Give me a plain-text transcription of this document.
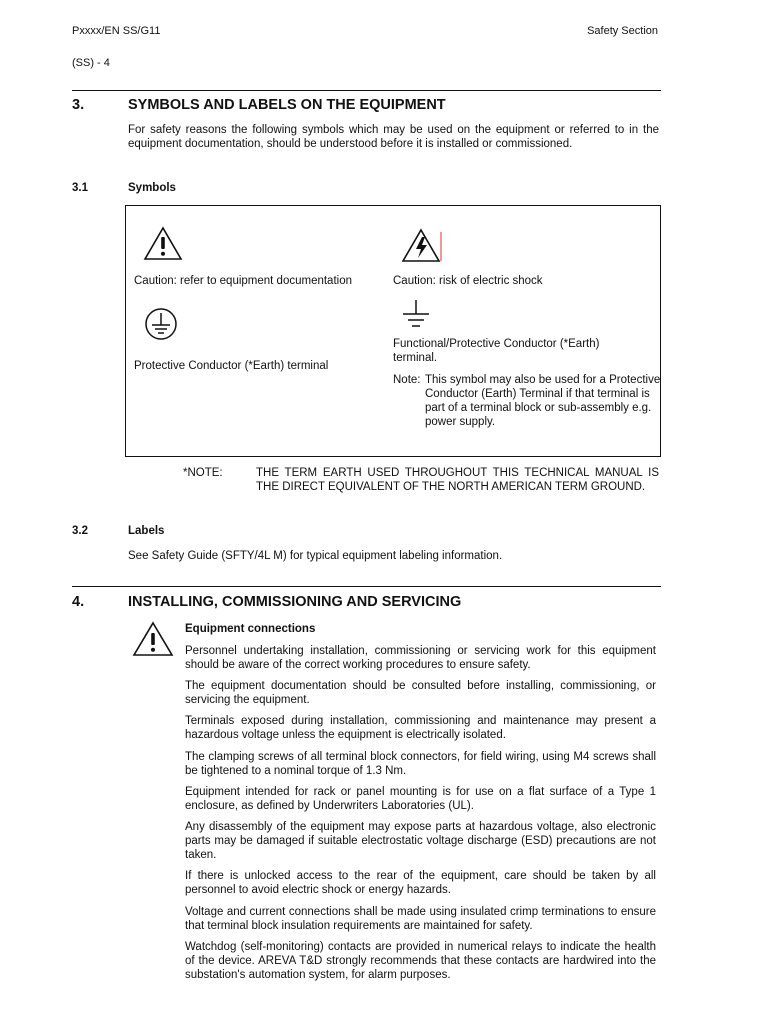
Pxxxx/EN SS/G11	Safety Section
(SS) - 4
3.	SYMBOLS AND LABELS ON THE EQUIPMENT
For safety reasons the following symbols which may be used on the equipment or referred to in the equipment documentation, should be understood before it is installed or commissioned.
3.1	Symbols
Caution: refer to equipment documentation	Caution: risk of electric shock
Protective Conductor (*Earth) terminal
Functional/Protective Conductor (*Earth) terminal.
Note: This symbol may also be used for a Protective Conductor (Earth) Terminal if that terminal is part of a terminal block or sub-assembly e.g. power supply.
*NOTE:	THE TERM EARTH USED THROUGHOUT THIS TECHNICAL MANUAL IS THE DIRECT EQUIVALENT OF THE NORTH AMERICAN TERM GROUND.
3.2	Labels
See Safety Guide (SFTY/4L M) for typical equipment labeling information.
4.	INSTALLING, COMMISSIONING AND SERVICING
Equipment connections
Personnel undertaking installation, commissioning or servicing work for this equipment should be aware of the correct working procedures to ensure safety.
The equipment documentation should be consulted before installing, commissioning, or servicing the equipment.
Terminals exposed during installation, commissioning and maintenance may present a hazardous voltage unless the equipment is electrically isolated.
The clamping screws of all terminal block connectors, for field wiring, using M4 screws shall be tightened to a nominal torque of 1.3 Nm.
Equipment intended for rack or panel mounting is for use on a flat surface of a Type 1 enclosure, as defined by Underwriters Laboratories (UL).
Any disassembly of the equipment may expose parts at hazardous voltage, also electronic parts may be damaged if suitable electrostatic voltage discharge (ESD) precautions are not taken.
If there is unlocked access to the rear of the equipment, care should be taken by all personnel to avoid electric shock or energy hazards.
Voltage and current connections shall be made using insulated crimp terminations to ensure that terminal block insulation requirements are maintained for safety.
Watchdog (self-monitoring) contacts are provided in numerical relays to indicate the health of the device. AREVA T&D strongly recommends that these contacts are hardwired into the substation's automation system, for alarm purposes.
